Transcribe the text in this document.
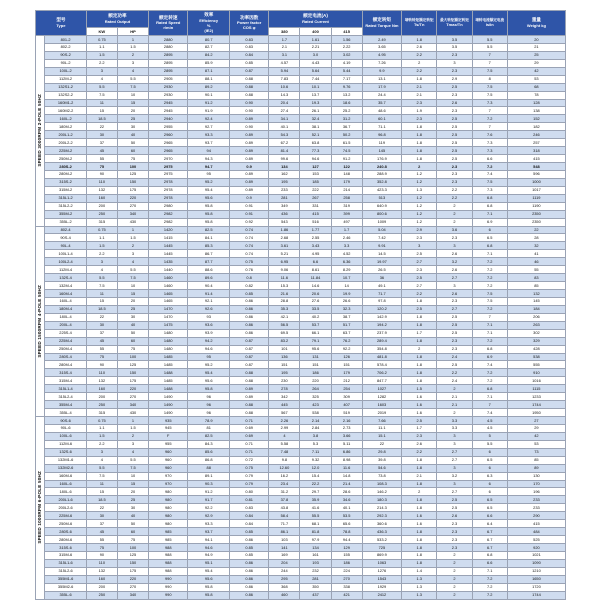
型号
Type		额定功率
Rated Output		额定转速
Rated Speed
r/min	效率
Efficiency
%
(IE2)	功率因数
Power factor
COS φ	额定电流(A)
Rated Current			额定转矩
Rated Torque Nm	堵转转矩额定转矩
Ts/Tn	最大转矩额定转矩
Tmax/Tn	堵转电流额定电流
Is/In	重量
Weight kg

		KW	HP				380	400	415					

SPEED 3000RPM 2-POLE 50HZ	801-2	0.75	1	2880	80.7	0.83	1.7	1.61	1.56	2.49	1.8	3.5	5.5	20
	802-2	1.1	1.5	2880	82.7	0.83	2.1	2.21	2.22	3.65	2.6	3.5	5.5	21
	90S-2	1.5	2	2895	84.2	0.84	3.1	3.0	3.02	4.95	2.2	2.3	7	25
	90L-2	2.2	3	2895	85.9	0.85	4.57	4.43	4.19	7.26	2	3	7	29
	100L-2	3	4	2895	87.1	0.87	5.94	5.64	5.44	9.9	2.2	2.3	7.5	42
	112M-2	4	5.5	2905	88.1	0.88	7.83	7.44	7.17	13.1	1.8	2.9	8	53
	132S1-2	5.5	7.5	2930	89.2	0.88	10.6	10.1	9.76	17.9	2.1	2.5	7.5	68
	132S2-2	7.5	10	2930	90.1	0.88	14.3	13.7	13.2	24.4	2.1	2.3	7.5	78
	160M1-2	11	15	2945	91.2	0.90	20.4	19.3	18.6	35.7	2.3	2.6	7.3	128
	160M2-2	15	20	2945	91.9	0.90	27.4	26.1	25.2	48.6	1.9	2.3	7	138
	160L-2	18.5	25	2940	92.4	0.89	34.1	32.4	31.2	60.1	2.3	2.5	7.2	152
	180M-2	22	30	2955	92.7	0.90	40.1	38.1	36.7	71.1	1.8	2.5	7	182
	200L1-2	30	40	2960	93.3	0.89	54.3	52.1	50.2	96.8	1.8	2.5	7.6	246
	200L2-2	37	50	2965	93.7	0.89	67.2	63.8	61.5	119	1.8	2.5	7.3	257
	225M-2	45	60	2965	94	0.89	81.4	77.3	74.5	145	1.8	2.5	7.3	318
	250M-2	55	75	2970	94.3	0.89	99.6	94.6	91.2	176.9	1.8	2.5	6.6	415
	280S-2	75	100	2975	94.7	0.9	134	127	122	240.8	2	2.3	7.2	548
	280M-2	90	125	2975	95	0.89	162	153	148	288.9	1.2	2.3	7.4	596
	315S-2	110	150	2978	95.2	0.89	195	185	179	352.8	1.2	2.3	7.5	1000
	315M-2	132	175	2978	95.4	0.89	233	222	214	423.3	1.3	2.2	7.3	1017
	315L1-2	160	220	2978	95.6	0.9	281	267	258	513	1.2	2.2	6.8	1119
	315L2-2	200	270	2980	95.8	0.91	349	331	319	640.9	1.2	2	6.8	1190
	355M-2	250	340	2982	95.8	0.91	436	415	399	800.6	1.2	2	7.1	2350
	355L-2	315	430	2982	95.8	0.92	543	516	497	1009	1.2	2	6.9	2350

SPEED 1500RPM 4-POLE 50HZ	802-4	0.75	1	1420	82.5	0.74	1.86	1.77	1.7	5.04	2.9	3.6	6	22
	90S-4	1.1	1.5	1415	84.1	0.74	2.68	2.55	2.46	7.42	2.3	2.3	6.5	28
	90L-4	1.5	2	1445	85.3	0.74	3.61	3.43	3.3	9.91	3	3	6.8	32
	100L1-4	2.2	3	1445	86.7	0.74	5.21	4.95	4.52	14.5	2.5	2.6	7.1	41
	100L2-4	3	4	1435	87.7	0.75	6.95	6.6	6.36	19.97	2.7	3.2	7.2	46
	112M-4	4	5.5	1440	88.6	0.76	9.06	8.61	8.29	26.5	2.3	2.6	7.2	55
	132S-4	5.5	7.5	1460	89.6	0.8	11.6	11.84	10.7	36	2.5	2.7	7.2	83
	132M-4	7.5	10	1460	90.4	0.82	15.3	14.6	14	49.1	2.7	3	7.2	85
	160M-4	11	15	1465	91.4	0.85	21.6	20.6	19.9	71.7	2.2	2.6	7.5	132
	160L-4	15	20	1465	92.1	0.86	28.8	27.6	26.6	97.8	1.8	2.3	7.5	145
	180M-4	18.5	25	1470	92.6	0.86	35.3	33.5	32.3	120.2	2.5	2.7	7.2	184
	180L-4	22	30	1470	93	0.86	42.1	40.2	38.7	142.9	1.8	2.5	7	206
	200L-4	30	40	1475	93.6	0.86	56.5	53.7	51.7	194.2	1.8	2.5	7.1	263
	225S-4	37	50	1480	93.9	0.86	69.5	66.1	63.7	237.9	1.7	2.5	7.1	302
	225M-4	45	60	1480	94.2	0.87	83.2	79.1	76.2	289.4	1.8	2.3	7.2	329
	250M-4	55	75	1480	94.6	0.87	101	95.6	92.2	354.8	2	2.3	6.8	428
	280S-4	75	100	1485	95	0.87	136	131	126	481.8	1.8	2.4	6.9	538
	280M-4	90	125	1485	95.2	0.87	151	151	151	578.4	1.8	2.5	7.4	555
	315S-4	110	150	1488	95.4	0.88	195	186	179	706.2	1.8	2.2	7.2	910
	315M-4	132	175	1485	95.6	0.88	230	220	212	847.7	1.8	2.4	7.2	1016
	315L1-4	160	220	1488	95.8	0.89	278	264	254	1027	1.5	2	6.8	1115
	315L2-4	200	270	1490	96	0.89	342	325	309	1282	1.6	2.1	7.1	1233
	355M-4	250	340	1490	96	0.88	445	423	407	1603	1.6	2.1	7	1744
	355L-4	315	430	1490	96	0.88	567	538	519	2019	1.6	2	7.4	1950

SPEED 1000RPM 6-POLE 50HZ	90S-6	0.75	1	935	78.9	0.71	2.26	2.14	2.16	7.66	2.5	3.3	4.5	27
	90L-6	1.1	1.5	945	81	0.69	2.99	2.84	2.73	11.1	1.7	3.3	4.5	29
	100L-6	1.5	2	F	82.5	0.69	4	3.8	3.66	15.1	2.3	3	5	42
	112M-6	2.2	3	955	84.3	0.71	5.58	5.3	5.11	22	2.6	3	5.5	53
	132S-6	3	4	960	85.6	0.71	7.48	7.11	6.86	29.8	2.2	2.7	6	73
	132M1-6	4	5.5	960	86.8	0.72	9.8	9.32	8.98	39.8	1.8	2.7	6.5	85
	132M2-6	5.5	7.5	960	88	0.75	12.60	12.0	11.6	54.6	1.8	3	6	89
	160M-6	7.5	10	970	89.1	0.79	16.2	15.4	14.8	73.8	2.1	3.2	6.3	130
	160L-6	11	15	970	90.3	0.79	23.4	22.2	21.4	108.3	1.8	3	6	170
	180L-6	15	20	980	91.2	0.80	31.2	29.7	28.6	146.2	2	2.7	6	196
	200L1-6	18.5	25	980	91.7	0.81	37.8	35.9	34.6	180.3	1.8	2.5	6.5	233
	200L2-6	22	30	980	92.2	0.83	43.8	41.6	40.1	214.3	1.8	2.5	6.5	233
	225M-6	30	40	980	92.9	0.84	58.4	55.5	53.5	292.3	1.6	2.6	6.6	290
	250M-6	37	50	980	93.3	0.84	71.7	68.1	65.6	360.6	1.6	2.3	6.4	415
	280S-6	45	60	985	93.7	0.85	86.1	81.8	78.8	436.3	1.8	2.3	6.7	484
	280M-6	55	75	985	94.1	0.86	103	97.9	94.4	533.2	1.8	2.3	6.7	525
	315S-6	75	100	988	94.6	0.85	141	134	129	725	1.8	2.3	6.7	920
	315M-6	90	125	988	94.9	0.85	169	161	155	869.9	1.8	2	6.8	1021
	315L1-6	110	150	988	95.1	0.86	204	193	186	1063	1.8	2	6.6	1090
	315L2-6	132	175	988	95.4	0.86	244	232	224	1276	1.4	2	7.1	1210
	355M1-6	160	220	990	95.6	0.86	295	281	270	1543	1.3	2	7.2	1650
	355M2-6	200	270	990	95.8	0.86	368	350	338	1929	1.3	2	7.2	1720
	355L-6	250	340	990	95.8	0.86	460	437	421	2412	1.3	2	7.2	1744
